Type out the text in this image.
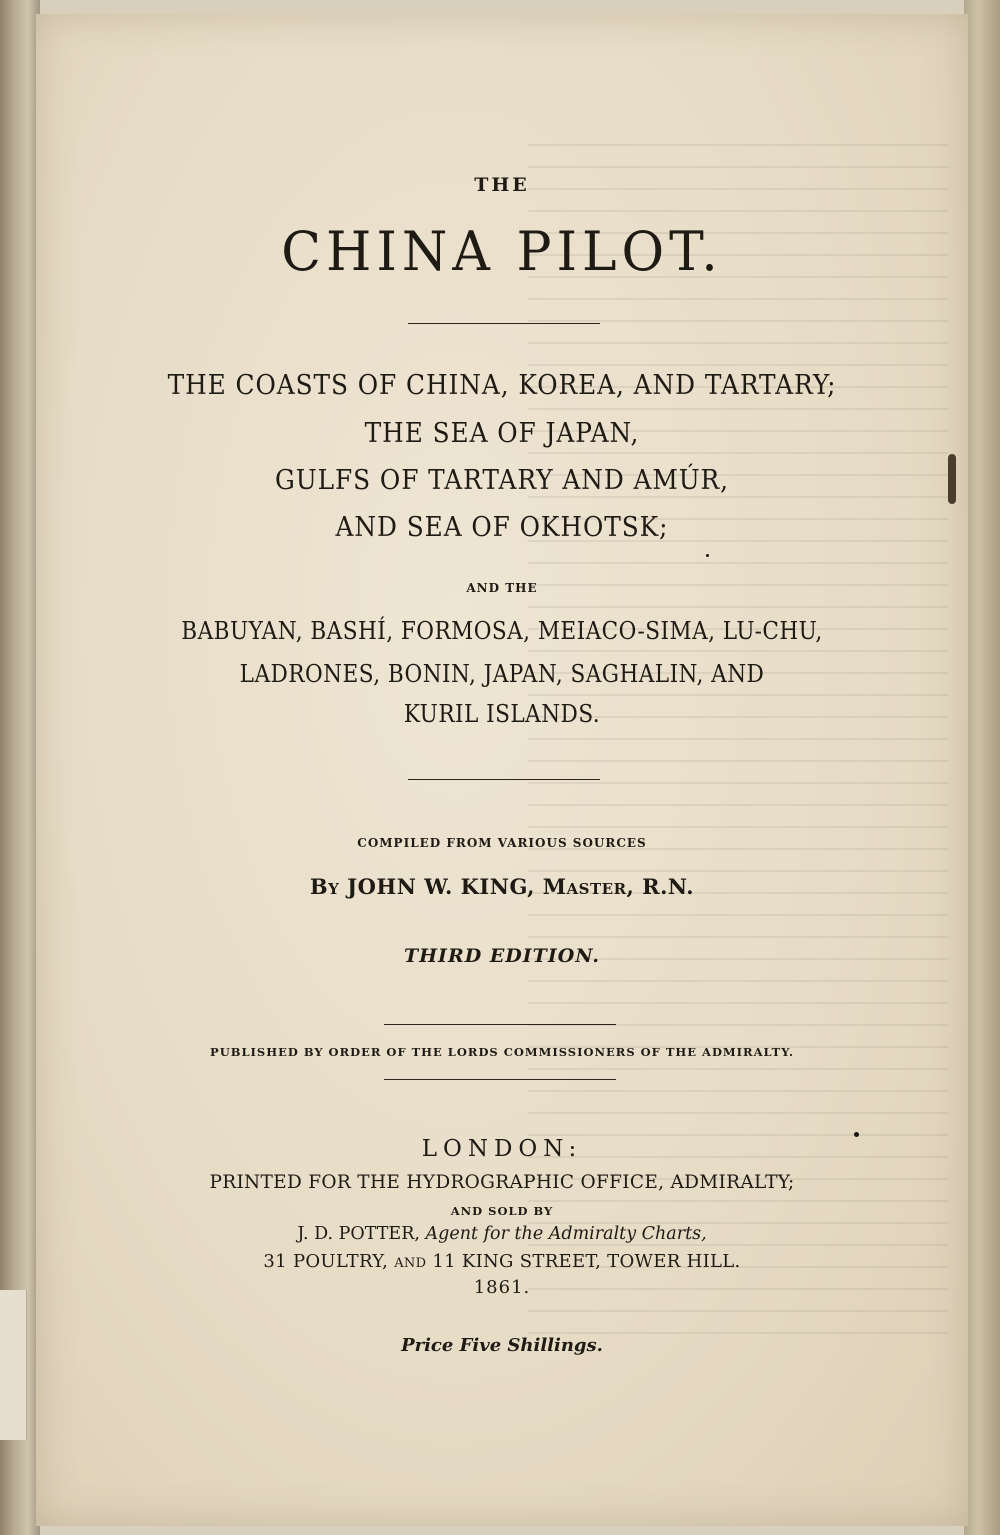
THE

CHINA PILOT.

THE COASTS OF CHINA, KOREA, AND TARTARY;

THE SEA OF JAPAN,

GULFS OF TARTARY AND AMÚR,

AND SEA OF OKHOTSK;

AND THE

BABUYAN, BASHÍ, FORMOSA, MEIACO-SIMA, LU-CHU,

LADRONES, BONIN, JAPAN, SAGHALIN, AND

KURIL ISLANDS.

COMPILED FROM VARIOUS SOURCES

By JOHN W. KING, Master, R.N.

THIRD EDITION.

PUBLISHED BY ORDER OF THE LORDS COMMISSIONERS OF THE ADMIRALTY.

LONDON:

PRINTED FOR THE HYDROGRAPHIC OFFICE, ADMIRALTY;

AND SOLD BY

J. D. POTTER, Agent for the Admiralty Charts,

31 POULTRY, and 11 KING STREET, TOWER HILL.

1861.

Price Five Shillings.
